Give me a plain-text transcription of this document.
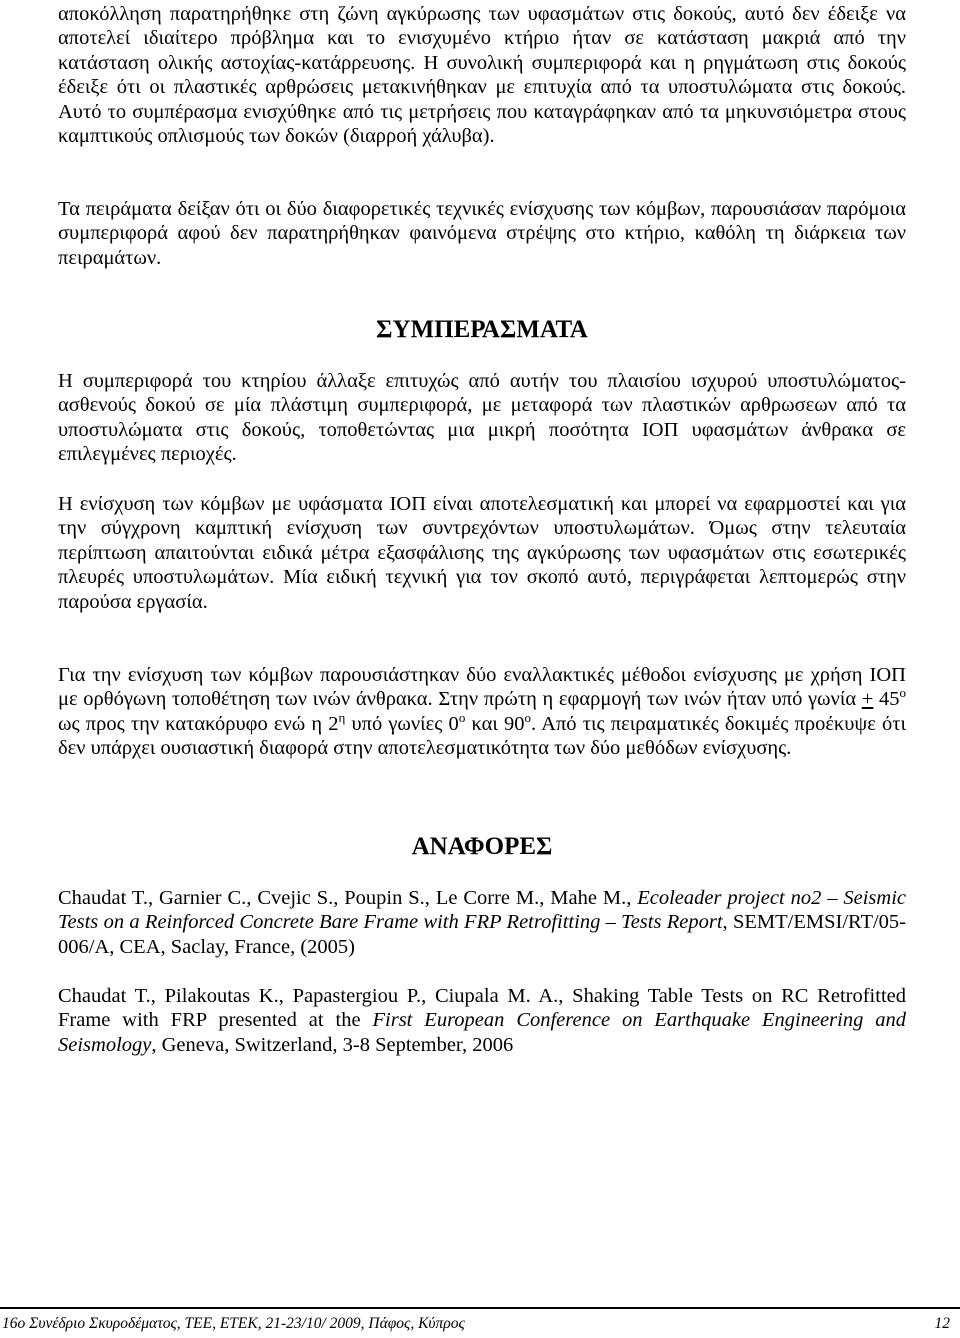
αποκόλληση παρατηρήθηκε στη ζώνη αγκύρωσης των υφασμάτων στις δοκούς, αυτό δεν έδειξε να αποτελεί ιδιαίτερο πρόβλημα και το ενισχυμένο κτήριο ήταν σε κατάσταση μακριά από την κατάσταση ολικής αστοχίας-κατάρρευσης. Η συνολική συμπεριφορά και η ρηγμάτωση στις δοκούς έδειξε ότι οι πλαστικές αρθρώσεις μετακινήθηκαν με επιτυχία από τα υποστυλώματα στις δοκούς. Αυτό το συμπέρασμα ενισχύθηκε από τις μετρήσεις που καταγράφηκαν από τα μηκυνσιόμετρα στους καμπτικούς οπλισμούς των δοκών (διαρροή χάλυβα).

Τα πειράματα δείξαν ότι οι δύο διαφορετικές τεχνικές ενίσχυσης των κόμβων, παρουσιάσαν παρόμοια συμπεριφορά αφού δεν παρατηρήθηκαν φαινόμενα στρέψης στο κτήριο, καθόλη τη διάρκεια των πειραμάτων.

ΣΥΜΠΕΡΑΣΜΑΤΑ

Η συμπεριφορά του κτηρίου άλλαξε επιτυχώς από αυτήν του πλαισίου ισχυρού υποστυλώματος-ασθενούς δοκού σε μία πλάστιμη συμπεριφορά, με μεταφορά των πλαστικών αρθρωσεων από τα υποστυλώματα στις δοκούς, τοποθετώντας μια μικρή ποσότητα ΙΟΠ υφασμάτων άνθρακα σε επιλεγμένες περιοχές.

Η ενίσχυση των κόμβων με υφάσματα ΙΟΠ είναι αποτελεσματική και μπορεί να εφαρμοστεί και για την σύγχρονη καμπτική ενίσχυση των συντρεχόντων υποστυλωμάτων. Όμως στην τελευταία περίπτωση απαιτούνται ειδικά μέτρα εξασφάλισης της αγκύρωσης των υφασμάτων στις εσωτερικές πλευρές υποστυλωμάτων. Μία ειδική τεχνική για τον σκοπό αυτό, περιγράφεται λεπτομερώς στην παρούσα εργασία.

Για την ενίσχυση των κόμβων παρουσιάστηκαν δύο εναλλακτικές μέθοδοι ενίσχυσης με χρήση ΙΟΠ με ορθόγωνη τοποθέτηση των ινών άνθρακα. Στην πρώτη η εφαρμογή των ινών ήταν υπό $\gamma\omega\nu ί\alpha + 45^o$ ως προς την κατακόρυφο ενώ η $2^\eta$ υπό γωνίες $0^o$ και $90^o$. Από τις πειραματικές δοκιμές προέκυψε ότι δεν υπάρχει ουσιαστική διαφορά στην αποτελεσματικότητα των δύο μεθόδων ενίσχυσης.

ΑΝΑΦΟΡΕΣ

Chaudat T., Garnier C., Cvejic S., Poupin S., Le Corre M., Mahe M., Ecoleader project no2 – Seismic Tests on a Reinforced Concrete Bare Frame with FRP Retrofitting – Tests Report, SEMT/EMSI/RT/05-006/A, CEA, Saclay, France, (2005)

Chaudat T., Pilakoutas K., Papastergiou P., Ciupala M. A., Shaking Table Tests on RC Retrofitted Frame with FRP presented at the First European Conference on Earthquake Engineering and Seismology, Geneva, Switzerland, 3-8 September, 2006

16ο Συνέδριο Σκυροδέματος, ΤΕΕ, ΕΤΕΚ, 21-23/10/ 2009, Πάφος, Κύπρος	12
